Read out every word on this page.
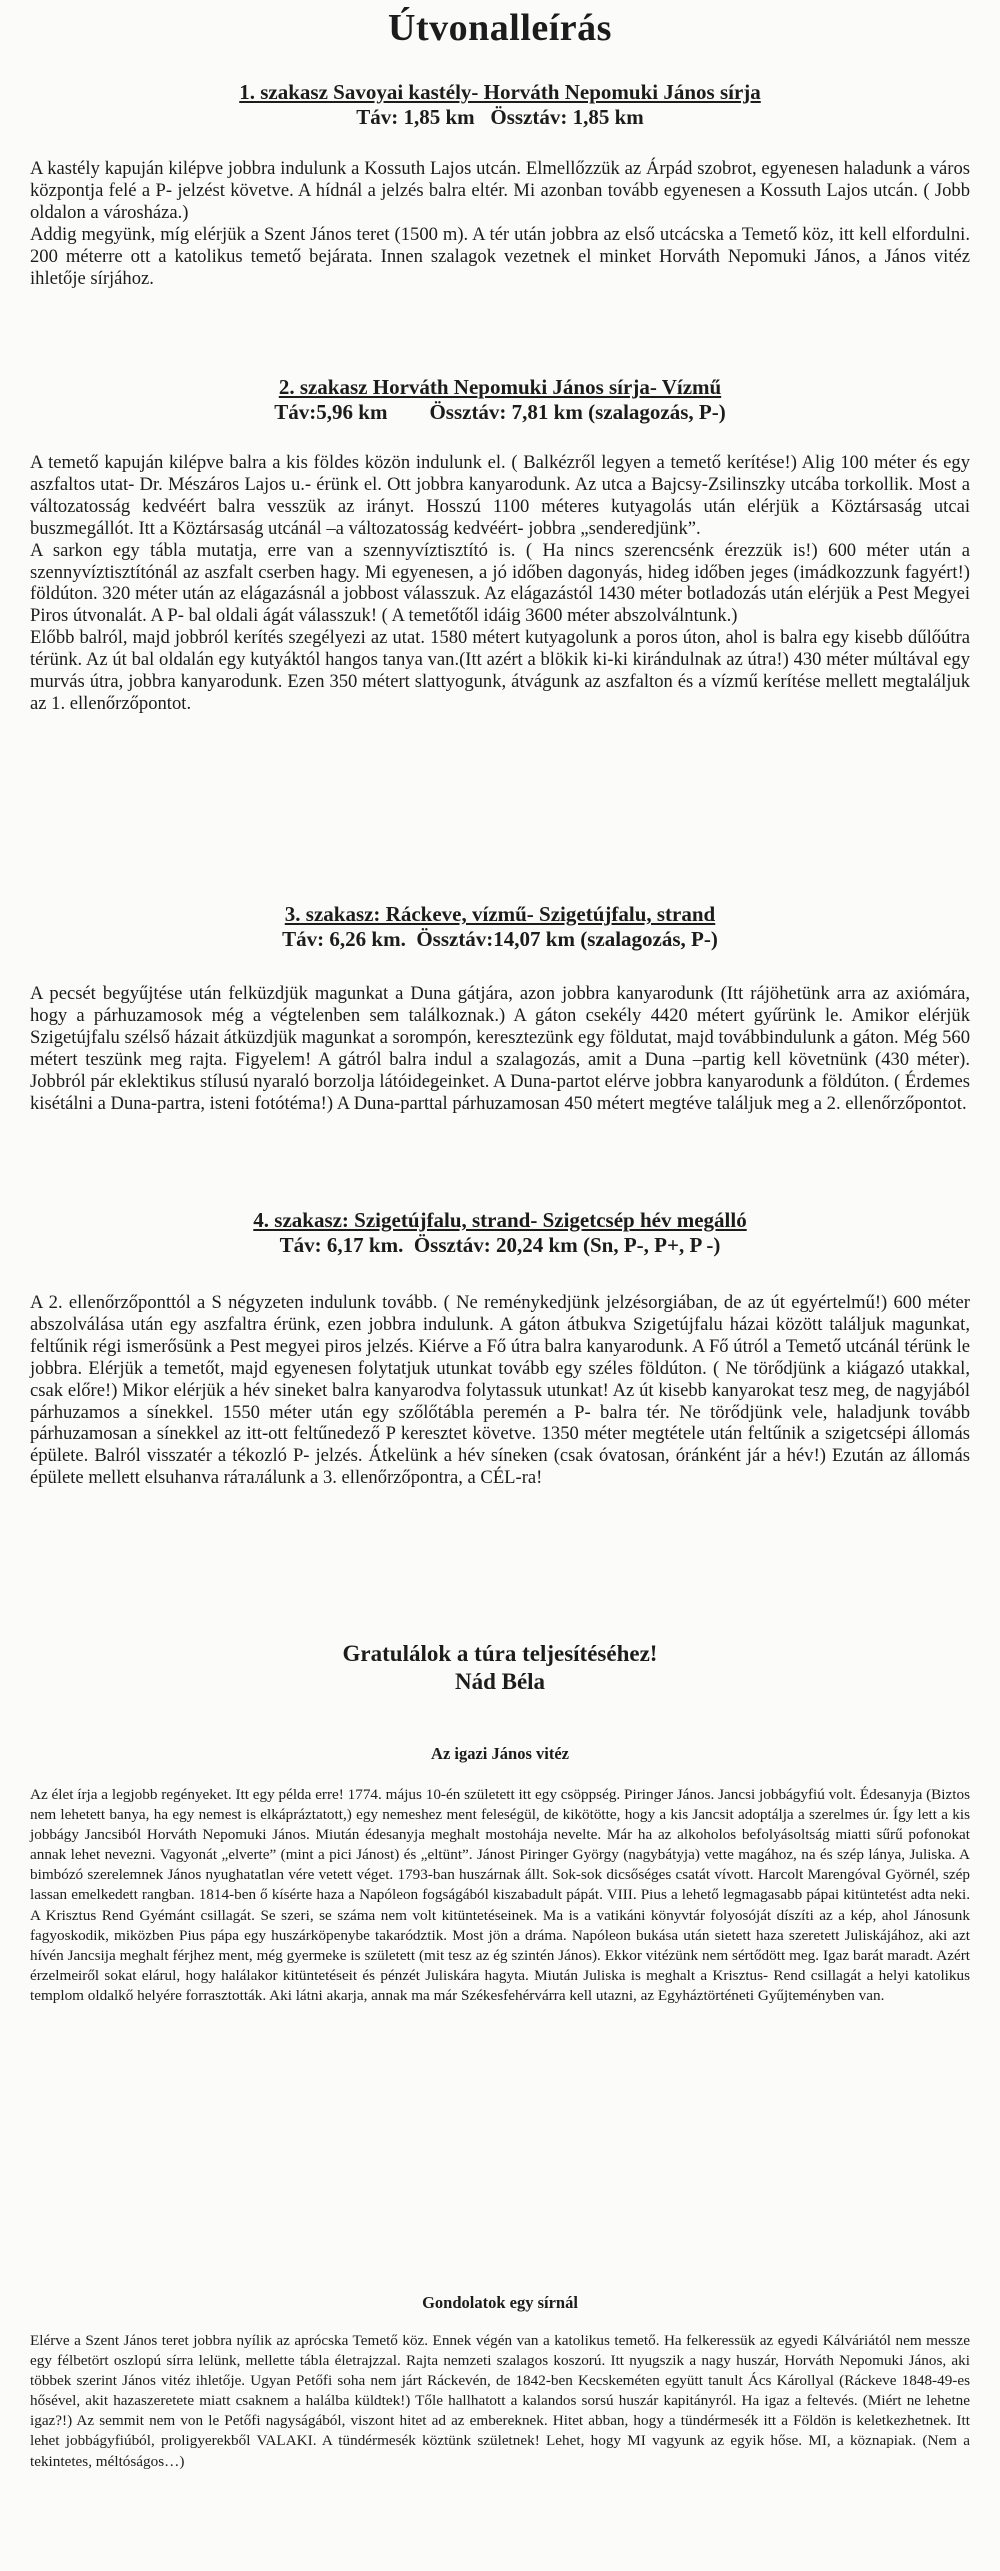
Útvonalleírás
1. szakasz Savoyai kastély- Horváth Nepomuki János sírja
Táv: 1,85 km   Össztáv: 1,85 km

A kastély kapuján kilépve jobbra indulunk a Kossuth Lajos utcán. Elmellőzzük az Árpád szobrot, egyenesen haladunk a város központja felé a P- jelzést követve. A hídnál a jelzés balra eltér. Mi azonban tovább egyenesen a Kossuth Lajos utcán. ( Jobb oldalon a városháza.)

Addig megyünk, míg elérjük a Szent János teret (1500 m). A tér után jobbra az első utcácska a Temető köz, itt kell elfordulni. 200 méterre ott a katolikus temető bejárata. Innen szalagok vezetnek el minket Horváth Nepomuki János, a János vitéz ihletője sírjához.

2. szakasz Horváth Nepomuki János sírja- Vízmű
Táv:5,96 km        Össztáv: 7,81 km (szalagozás, P-)

A temető kapuján kilépve balra a kis földes közön indulunk el. ( Balkézről legyen a temető kerítése!) Alig 100 méter és egy aszfaltos utat- Dr. Mészáros Lajos u.- érünk el. Ott jobbra kanyarodunk. Az utca a Bajcsy-Zsilinszky utcába torkollik. Most a változatosság kedvéért balra vesszük az irányt. Hosszú 1100 méteres kutyagolás után elérjük a Köztársaság utcai buszmegállót. Itt a Köztársaság utcánál –a változatosság kedvéért- jobbra „senderedjünk”.

A sarkon egy tábla mutatja, erre van a szennyvíztisztító is. ( Ha nincs szerencsénk érezzük is!) 600 méter után a szennyvíztisztítónál az aszfalt cserben hagy. Mi egyenesen, a jó időben dagonyás, hideg időben jeges (imádkozzunk fagyért!) földúton. 320 méter után az elágazásnál a jobbost válasszuk. Az elágazástól 1430 méter botladozás után elérjük a Pest Megyei Piros útvonalát. A P- bal oldali ágát válasszuk! ( A temetőtől idáig 3600 méter abszolválntunk.)

Előbb balról, majd jobbról kerítés szegélyezi az utat. 1580 métert kutyagolunk a poros úton, ahol is balra egy kisebb dűlőútra térünk. Az út bal oldalán egy kutyáktól hangos tanya van.(Itt azért a blökik ki-ki kirándulnak az útra!) 430 méter múltával egy murvás útra, jobbra kanyarodunk. Ezen 350 métert slattyogunk, átvágunk az aszfalton és a vízmű kerítése mellett megtaláljuk az 1. ellenőrzőpontot.

3. szakasz: Ráckeve, vízmű- Szigetújfalu, strand
Táv: 6,26 km.  Össztáv:14,07 km (szalagozás, P-)

A pecsét begyűjtése után felküzdjük magunkat a Duna gátjára, azon jobbra kanyarodunk (Itt rájöhetünk arra az axiómára, hogy a párhuzamosok még a végtelenben sem találkoznak.) A gáton csekély 4420 métert gyűrünk le. Amikor elérjük Szigetújfalu szélső házait átküzdjük magunkat a sorompón, keresztezünk egy földutat, majd továbbindulunk a gáton. Még 560 métert teszünk meg rajta. Figyelem! A gátról balra indul a szalagozás, amit a Duna –partig kell követnünk (430 méter). Jobbról pár eklektikus stílusú nyaraló borzolja látóidegeinket. A Duna-partot elérve jobbra kanyarodunk a földúton. ( Érdemes kisétálni a Duna-partra, isteni fotótéma!) A Duna-parttal párhuzamosan 450 métert megtéve találjuk meg a 2. ellenőrzőpontot.

4. szakasz: Szigetújfalu, strand- Szigetcsép hév megálló
Táv: 6,17 km.  Össztáv: 20,24 km (Sn, P-, P+, P -)

A 2. ellenőrzőponttól a S négyzeten indulunk tovább. ( Ne reménykedjünk jelzésorgiában, de az út egyértelmű!) 600 méter abszolválása után egy aszfaltra érünk, ezen jobbra indulunk. A gáton átbukva Szigetújfalu házai között találjuk magunkat, feltűnik régi ismerősünk a Pest megyei piros jelzés. Kiérve a Fő útra balra kanyarodunk. A Fő útról a Temető utcánál térünk le jobbra. Elérjük a temetőt, majd egyenesen folytatjuk utunkat tovább egy széles földúton. ( Ne törődjünk a kiágazó utakkal, csak előre!) Mikor elérjük a hév sineket balra kanyarodva folytassuk utunkat! Az út kisebb kanyarokat tesz meg, de nagyjából párhuzamos a sínekkel. 1550 méter után egy szőlőtábla peremén a P- balra tér. Ne törődjünk vele, haladjunk tovább párhuzamosan a sínekkel az itt-ott feltűnedező P keresztet követve. 1350 méter megtétele után feltűnik a szigetcsépi állomás épülete. Balról visszatér a tékozló P- jelzés. Átkelünk a hév síneken (csak óvatosan, óránként jár a hév!) Ezután az állomás épülete mellett elsuhanva ráталálunk a 3. ellenőrzőpontra, a CÉL-ra!

Gratulálok a túra teljesítéséhez!
Nád Béla
Az igazi János vitéz

Az élet írja a legjobb regényeket. Itt egy példa erre! 1774. május 10-én született itt egy csöppség. Piringer János. Jancsi jobbágyfiú volt. Édesanyja (Biztos nem lehetett banya, ha egy nemest is elkápráztatott,) egy nemeshez ment feleségül, de kikötötte, hogy a kis Jancsit adoptálja a szerelmes úr. Így lett a kis jobbágy Jancsiból Horváth Nepomuki János. Miután édesanyja meghalt mostohája nevelte. Már ha az alkoholos befolyásoltság miatti sűrű pofonokat annak lehet nevezni. Vagyonát „elverte” (mint a pici Jánost) és „eltünt”. Jánost Piringer György (nagybátyja) vette magához, na és szép lánya, Juliska. A bimbózó szerelemnek János nyughatatlan vére vetett véget. 1793-ban huszárnak állt. Sok-sok dicsőséges csatát vívott. Harcolt Marengóval Györnél, szép lassan emelkedett rangban. 1814-ben ő kísérte haza a Napóleon fogságából kiszabadult pápát. VIII. Pius a lehető legmagasabb pápai kitüntetést adta neki. A Krisztus Rend Gyémánt csillagát. Se szeri, se száma nem volt kitüntetéseinek. Ma is a vatikáni könyvtár folyosóját díszíti az a kép, ahol Jánosunk fagyoskodik, miközben Pius pápa egy huszárköpenybe takarództik. Most jön a dráma. Napóleon bukása után sietett haza szeretett Juliskájához, aki azt hívén Jancsija meghalt férjhez ment, még gyermeke is született (mit tesz az ég szintén János). Ekkor vitézünk nem sértődött meg. Igaz barát maradt. Azért érzelmeiről sokat elárul, hogy halálakor kitüntetéseit és pénzét Juliskára hagyta. Miután Juliska is meghalt a Krisztus- Rend csillagát a helyi katolikus templom oldalkő helyére forrasztották. Aki látni akarja, annak ma már Székesfehérvárra kell utazni, az Egyháztörténeti Gyűjteményben van.

Gondolatok egy sírnál

Elérve a Szent János teret jobbra nyílik az aprócska Temető köz. Ennek végén van a katolikus temető. Ha felkeressük az egyedi Kálváriától nem messze egy félbetört oszlopú sírra lelünk, mellette tábla életrajzzal. Rajta nemzeti szalagos koszorú. Itt nyugszik a nagy huszár, Horváth Nepomuki János, aki többek szerint János vitéz ihletője. Ugyan Petőfi soha nem járt Ráckevén, de 1842-ben Kecskeméten együtt tanult Ács Károllyal (Ráckeve 1848-49-es hősével, akit hazaszeretete miatt csaknem a halálba küldtek!) Tőle hallhatott a kalandos sorsú huszár kapitányról. Ha igaz a feltevés. (Miért ne lehetne igaz?!) Az semmit nem von le Petőfi nagyságából, viszont hitet ad az embereknek. Hitet abban, hogy a tündérmesék itt a Földön is keletkezhetnek. Itt lehet jobbágyfiúból, proligyerekből VALAKI. A tündérmesék köztünk születnek! Lehet, hogy MI vagyunk az egyik hőse. MI, a köznapiak. (Nem a tekintetes, méltóságos…)
